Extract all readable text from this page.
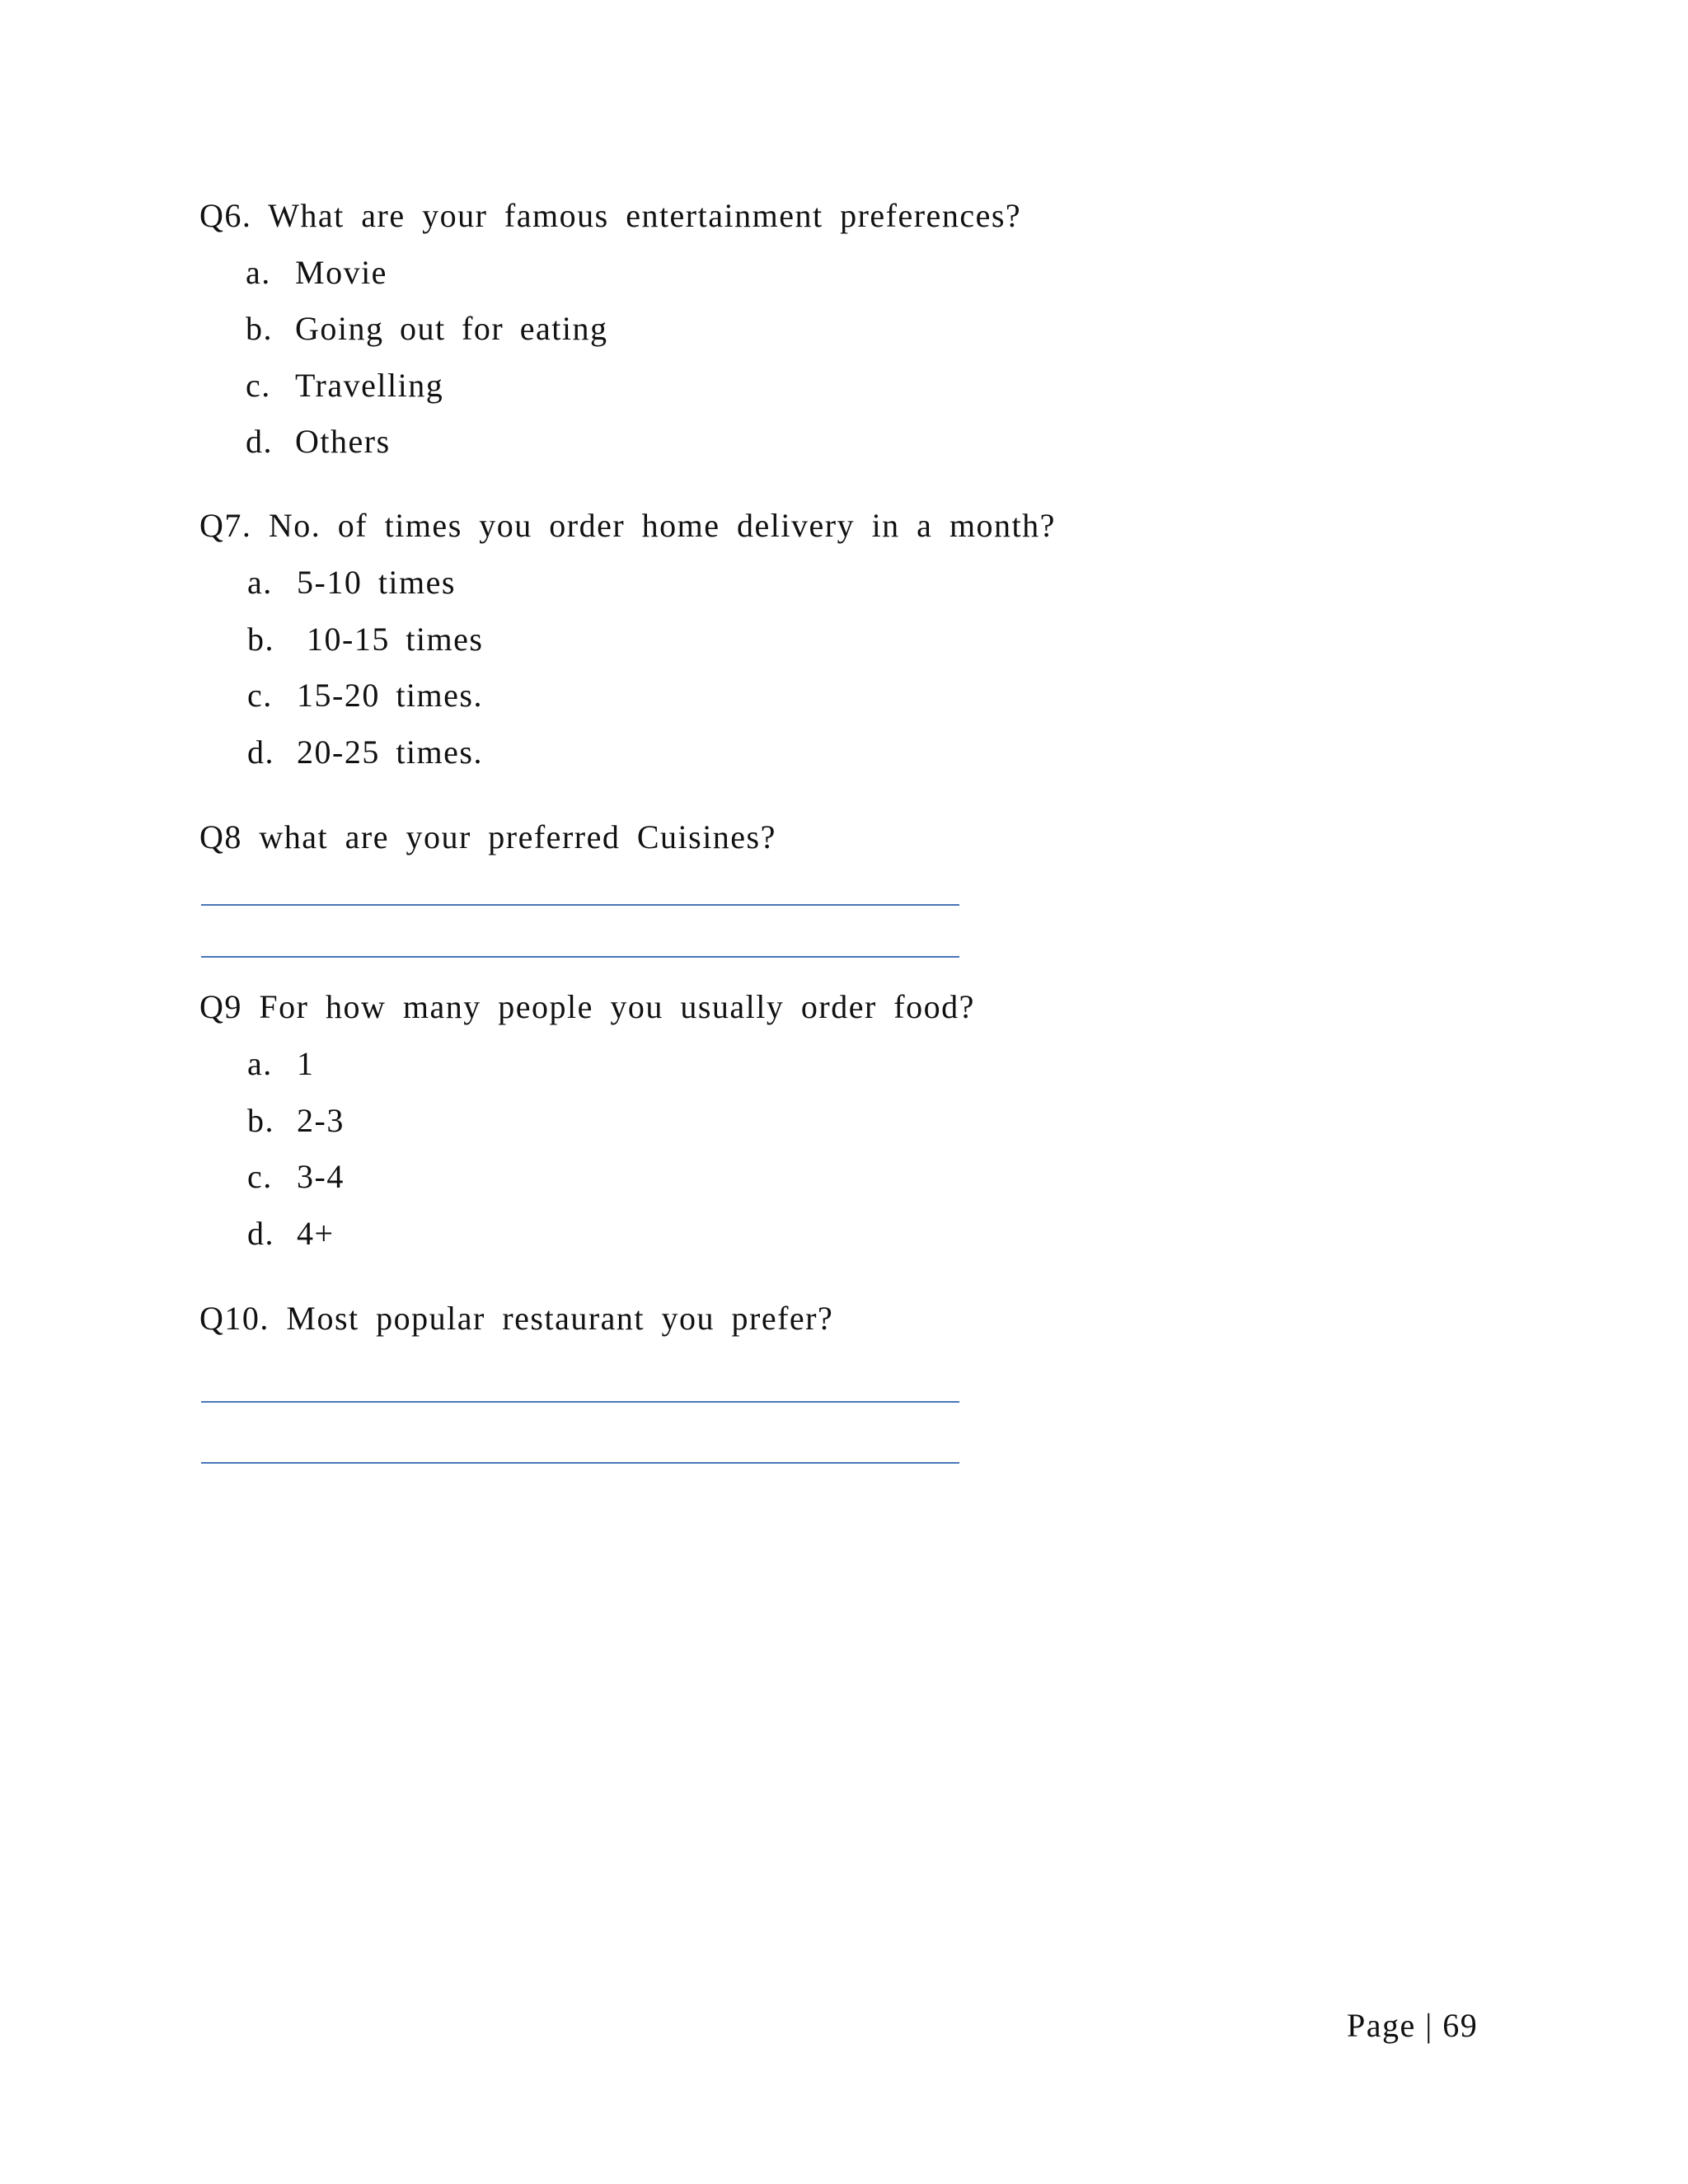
Q6. What are your famous entertainment preferences?
a. Movie
b. Going out for eating
c. Travelling
d. Others
Q7. No. of times you order home delivery in a month?
a. 5-10 times
b. 10-15 times
c. 15-20 times.
d. 20-25 times.
Q8 what are your preferred Cuisines?
Q9 For how many people you usually order food?
a. 1
b. 2-3
c. 3-4
d. 4+
Q10. Most popular restaurant you prefer?
Page | 69
